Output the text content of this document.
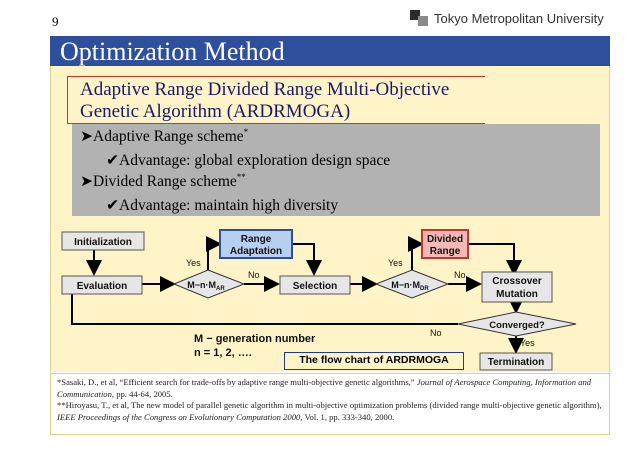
9	Tokyo Metropolitan University
Optimization Method
Adaptive Range Divided Range Multi-Objective
Genetic Algorithm (ARDRMOGA)
➤Adaptive Range scheme*
✔Advantage: global exploration design space
➤Divided Range scheme**
✔Advantage: maintain high diversity
Initialization
Evaluation	$M-n\cdot M_{AR}$
Range
Adaptation
Selection	$M-n\cdot M_{DR}$
Divided
Range
Crossover
Mutation
Converged?
Termination
Yes
No
Yes
No
No
Yes
M − generation number
n = 1, 2, ….
The flow chart of ARDRMOGA
*Sasaki, D., et al, “Efficient search for trade-offs by adaptive range multi-objective genetic algorithms,” Journal of Aerospace Computing, Information and Communication, pp. 44-64, 2005.
**Hiroyasu, T., et al, The new model of parallel genetic algorithm in multi-objective optimization problems (divided range multi-objective genetic algorithm), IEEE Proceedings of the Congress on Evolutionary Computation 2000, Vol. 1, pp. 333-340, 2000.
